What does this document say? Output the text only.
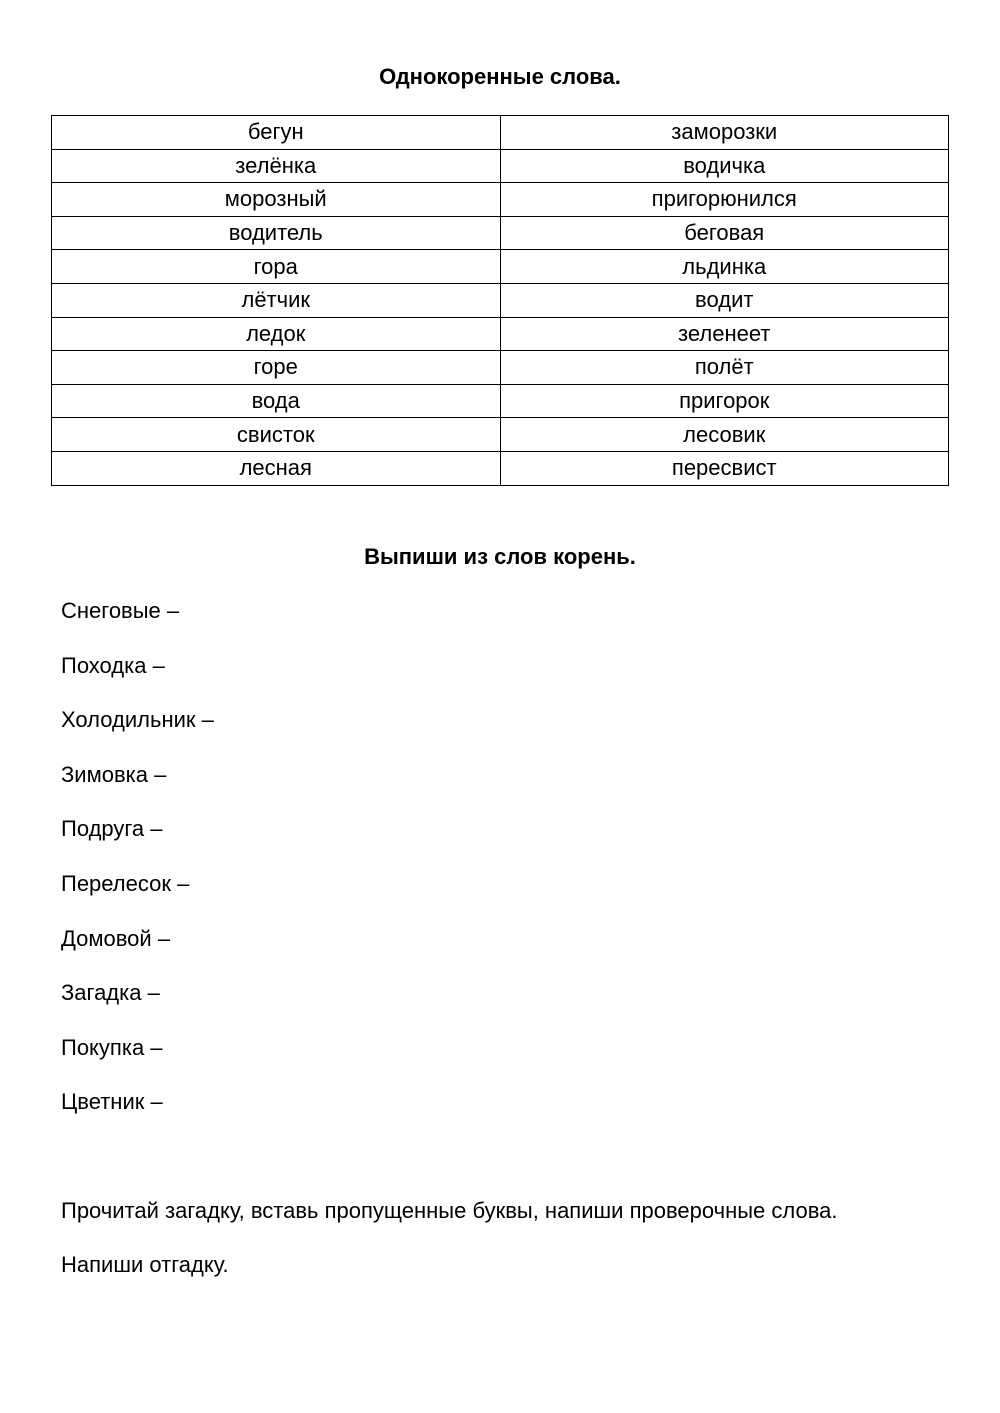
Однокоренные слова.
бегун	заморозки
зелёнка	водичка
морозный	пригорюнился
водитель	беговая
гора	льдинка
лётчик	водит
ледок	зеленеет
горе	полёт
вода	пригорок
свисток	лесовик
лесная	пересвист
Выпиши из слов корень.
Снеговые –
Походка –
Холодильник –
Зимовка –
Подруга –
Перелесок –
Домовой –
Загадка –
Покупка –
Цветник –

Прочитай загадку, вставь пропущенные буквы, напиши проверочные слова.

Напиши отгадку.
